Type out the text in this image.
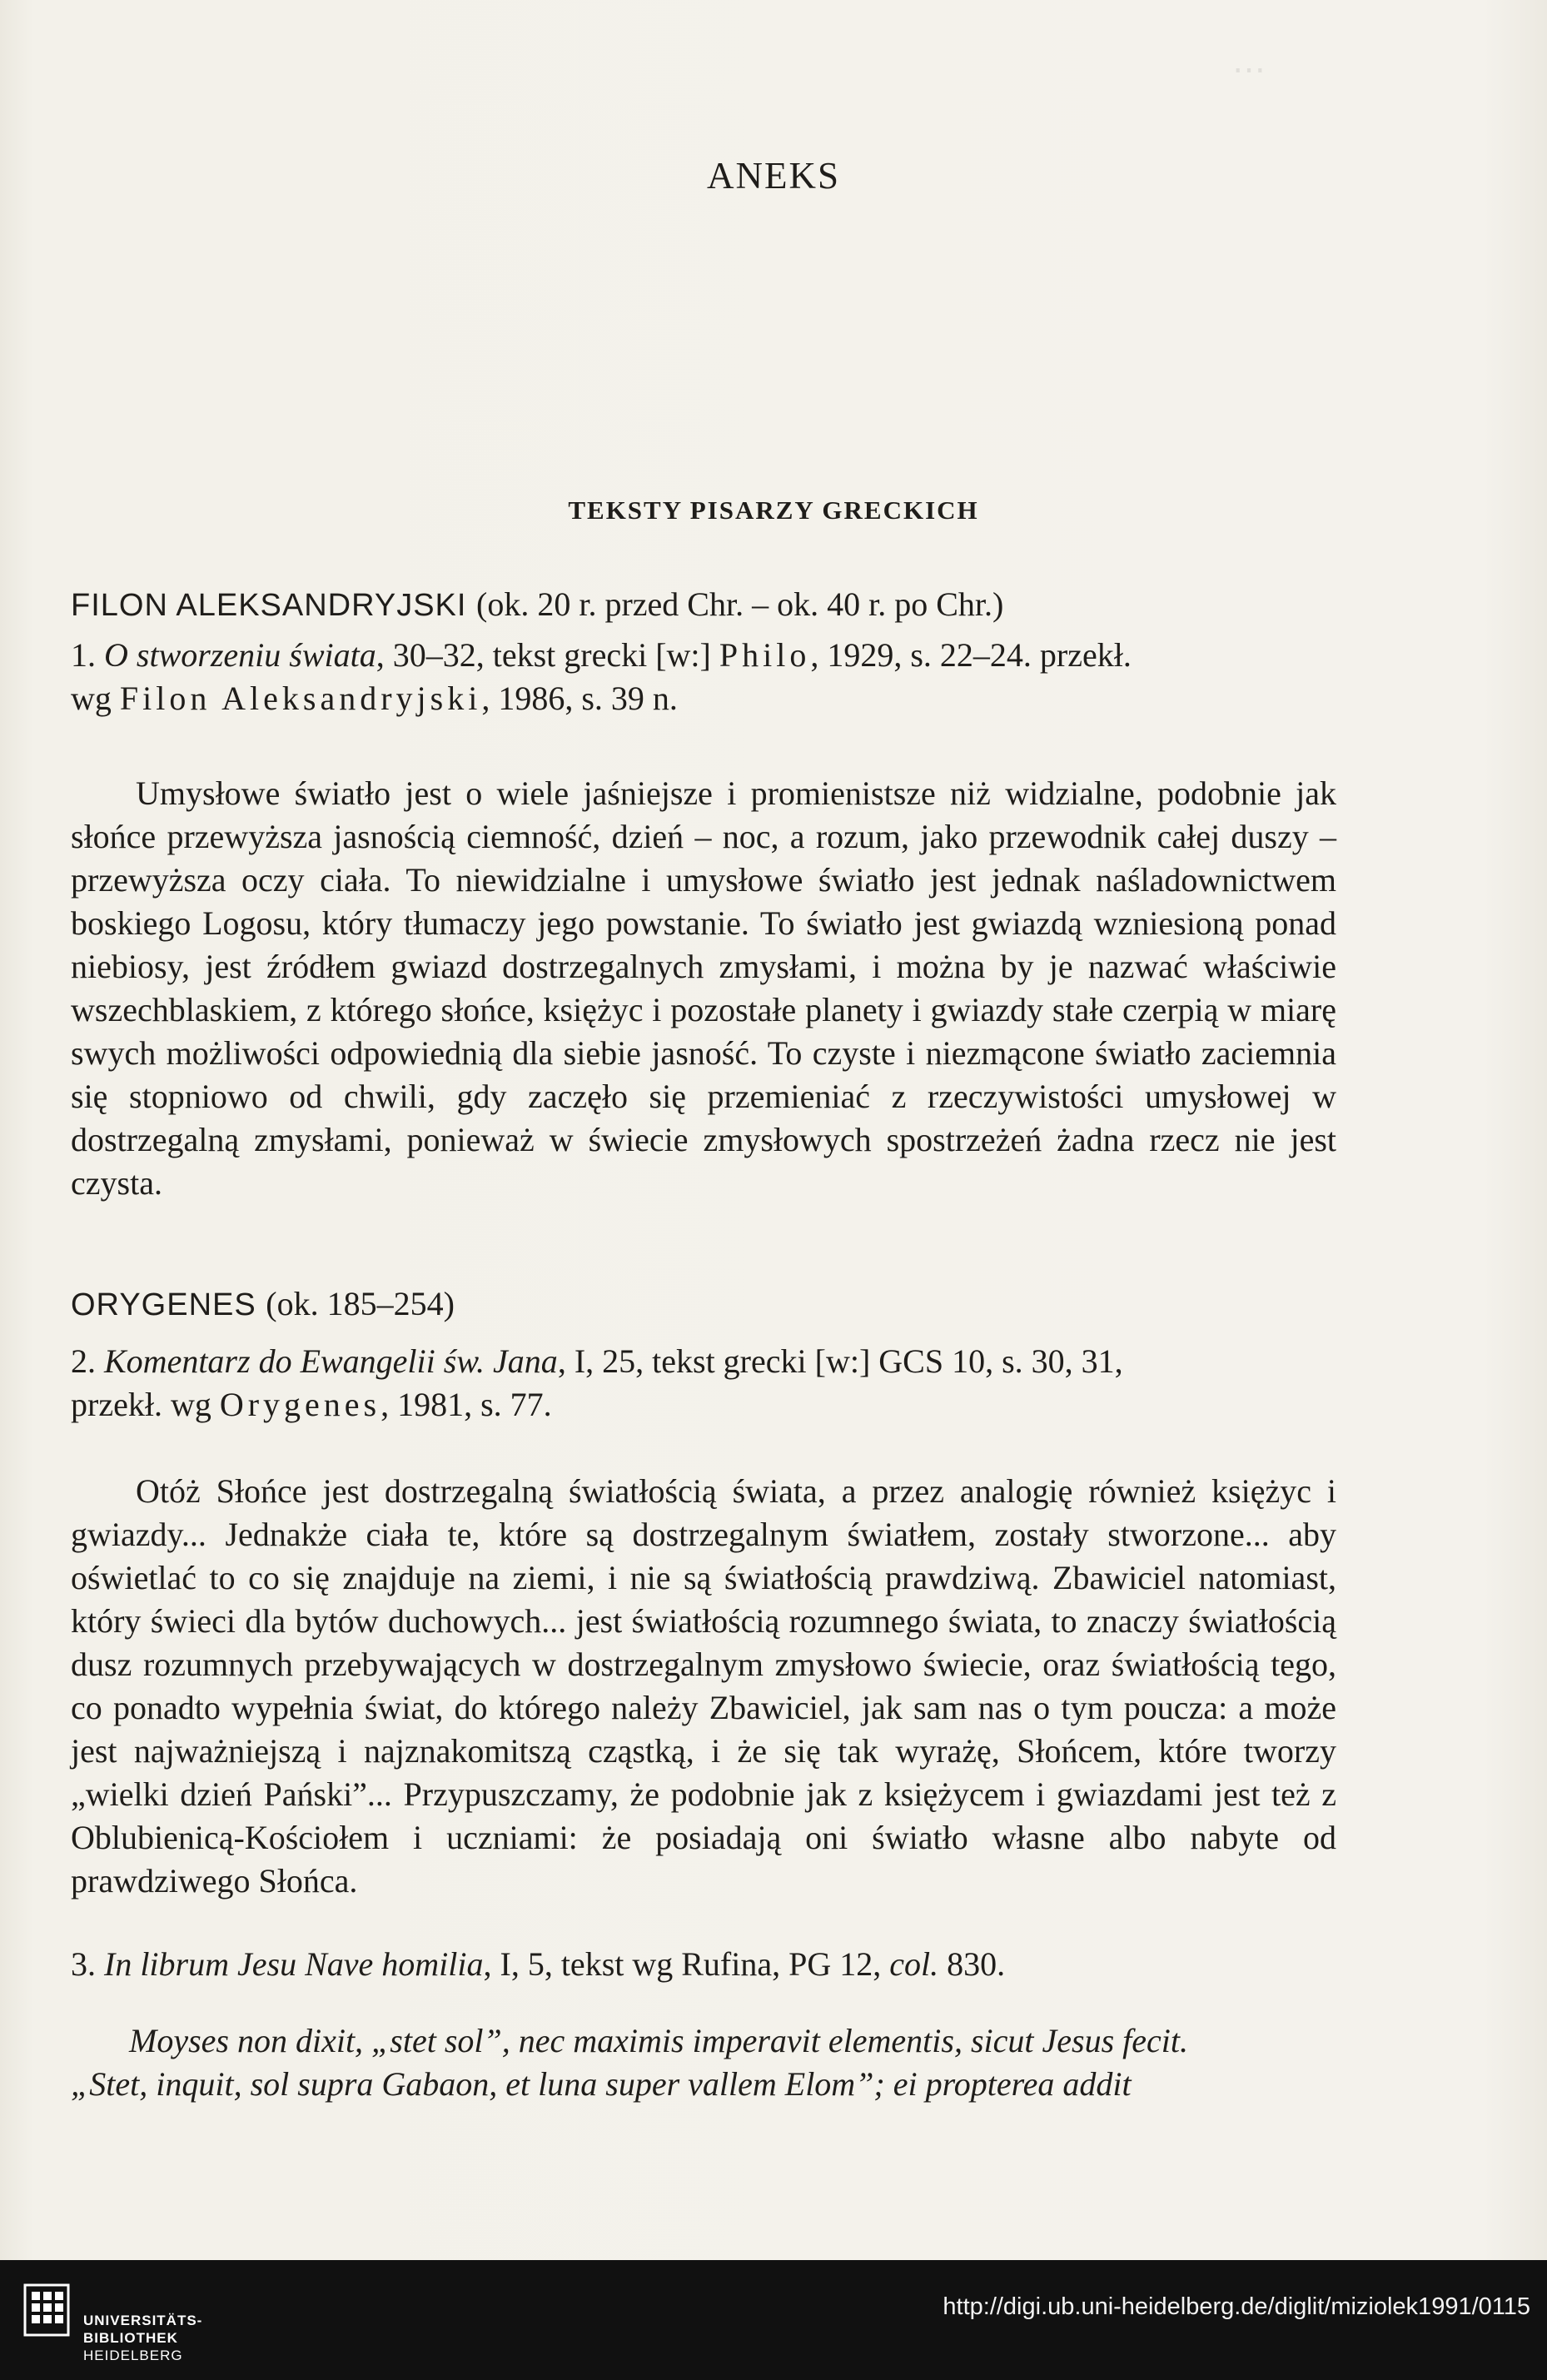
⋯
ANEKS
TEKSTY PISARZY GRECKICH
FILON ALEKSANDRYJSKI (ok. 20 r. przed Chr. – ok. 40 r. po Chr.)
1. O stworzeniu świata, 30–32, tekst grecki [w:] Philo, 1929, s. 22–24. przekł.
wg Filon Aleksandryjski, 1986, s. 39 n.

Umysłowe światło jest o wiele jaśniejsze i promienistsze niż widzialne, podobnie jak słońce przewyższa jasnością ciemność, dzień – noc, a rozum, jako przewodnik całej duszy – przewyższa oczy ciała. To niewidzialne i umysłowe światło jest jednak naśladownictwem boskiego Logosu, który tłumaczy jego powstanie. To światło jest gwiazdą wzniesioną ponad niebiosy, jest źródłem gwiazd dostrzegalnych zmysłami, i można by je nazwać właściwie wszechblaskiem, z którego słońce, księżyc i pozostałe planety i gwiazdy stałe czerpią w miarę swych możliwości odpowiednią dla siebie jasność. To czyste i niezmącone światło zaciemnia się stopniowo od chwili, gdy zaczęło się przemieniać z rzeczywistości umysłowej w dostrzegalną zmysłami, ponieważ w świecie zmysłowych spostrzeżeń żadna rzecz nie jest czysta.

ORYGENES (ok. 185–254)
2. Komentarz do Ewangelii św. Jana, I, 25, tekst grecki [w:] GCS 10, s. 30, 31,
przekł. wg Orygenes, 1981, s. 77.

Otóż Słońce jest dostrzegalną światłością świata, a przez analogię również księżyc i gwiazdy... Jednakże ciała te, które są dostrzegalnym światłem, zostały stworzone... aby oświetlać to co się znajduje na ziemi, i nie są światłością prawdziwą. Zbawiciel natomiast, który świeci dla bytów duchowych... jest światłością rozumnego świata, to znaczy światłością dusz rozumnych przebywających w dostrzegalnym zmysłowo świecie, oraz światłością tego, co ponadto wypełnia świat, do którego należy Zbawiciel, jak sam nas o tym poucza: a może jest najważniejszą i najznakomitszą cząstką, i że się tak wyrażę, Słońcem, które tworzy „wielki dzień Pański”... Przypuszczamy, że podobnie jak z księżycem i gwiazdami jest też z Oblubienicą-Kościołem i uczniami: że posiadają oni światło własne albo nabyte od prawdziwego Słońca.

3. In librum Jesu Nave homilia, I, 5, tekst wg Rufina, PG 12, col. 830.
Moyses non dixit, „stet sol”, nec maximis imperavit elementis, sicut Jesus fecit.
„Stet, inquit, sol supra Gabaon, et luna super vallem Elom”; ei propterea addit
UNIVERSITÄTS-
BIBLIOTHEK
HEIDELBERG
http://digi.ub.uni-heidelberg.de/diglit/miziolek1991/0115
